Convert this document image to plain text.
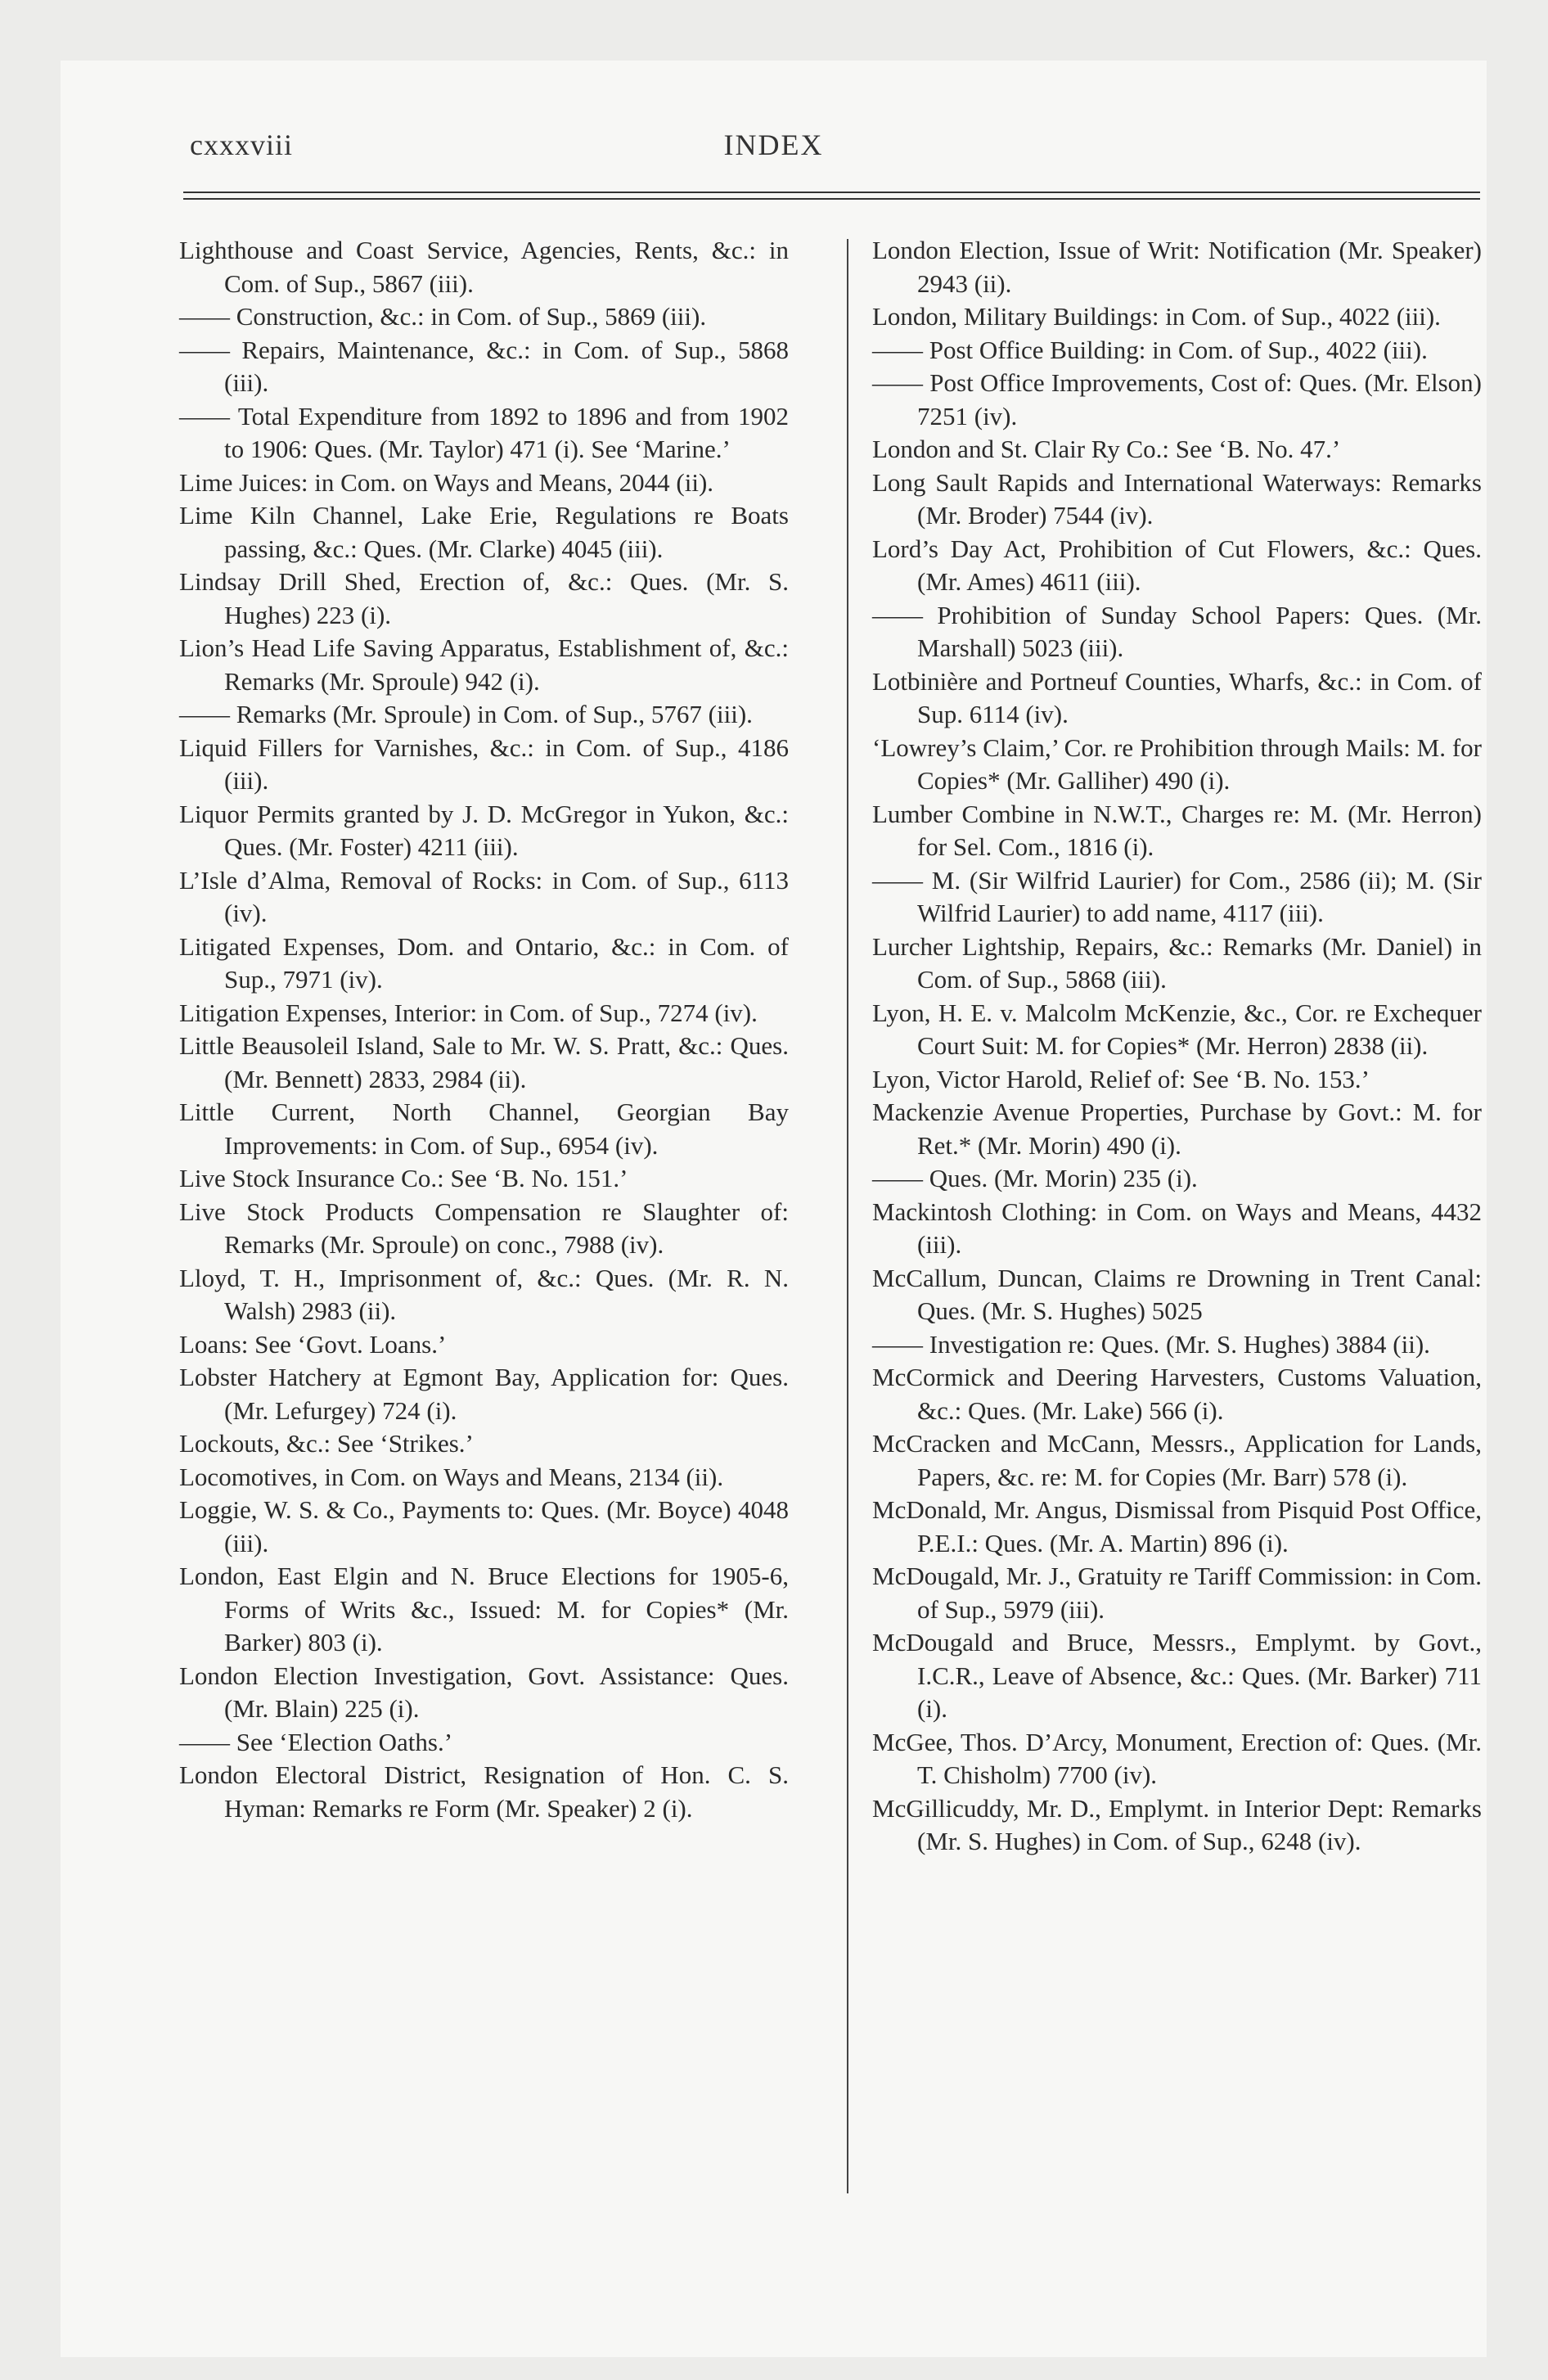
cxxxviii	INDEX

Lighthouse and Coast Service, Agencies, Rents, &c.: in Com. of Sup., 5867 (iii).

—— Construction, &c.: in Com. of Sup., 5869 (iii).

—— Repairs, Maintenance, &c.: in Com. of Sup., 5868 (iii).

—— Total Expenditure from 1892 to 1896 and from 1902 to 1906: Ques. (Mr. Taylor) 471 (i). See ‘Marine.’

Lime Juices: in Com. on Ways and Means, 2044 (ii).

Lime Kiln Channel, Lake Erie, Regulations re Boats passing, &c.: Ques. (Mr. Clarke) 4045 (iii).

Lindsay Drill Shed, Erection of, &c.: Ques. (Mr. S. Hughes) 223 (i).

Lion’s Head Life Saving Apparatus, Establishment of, &c.: Remarks (Mr. Sproule) 942 (i).

—— Remarks (Mr. Sproule) in Com. of Sup., 5767 (iii).

Liquid Fillers for Varnishes, &c.: in Com. of Sup., 4186 (iii).

Liquor Permits granted by J. D. McGregor in Yukon, &c.: Ques. (Mr. Foster) 4211 (iii).

L’Isle d’Alma, Removal of Rocks: in Com. of Sup., 6113 (iv).

Litigated Expenses, Dom. and Ontario, &c.: in Com. of Sup., 7971 (iv).

Litigation Expenses, Interior: in Com. of Sup., 7274 (iv).

Little Beausoleil Island, Sale to Mr. W. S. Pratt, &c.: Ques. (Mr. Bennett) 2833, 2984 (ii).

Little Current, North Channel, Georgian Bay Improvements: in Com. of Sup., 6954 (iv).

Live Stock Insurance Co.: See ‘B. No. 151.’

Live Stock Products Compensation re Slaughter of: Remarks (Mr. Sproule) on conc., 7988 (iv).

Lloyd, T. H., Imprisonment of, &c.: Ques. (Mr. R. N. Walsh) 2983 (ii).

Loans: See ‘Govt. Loans.’

Lobster Hatchery at Egmont Bay, Application for: Ques. (Mr. Lefurgey) 724 (i).

Lockouts, &c.: See ‘Strikes.’

Locomotives, in Com. on Ways and Means, 2134 (ii).

Loggie, W. S. & Co., Payments to: Ques. (Mr. Boyce) 4048 (iii).

London, East Elgin and N. Bruce Elections for 1905-6, Forms of Writs &c., Issued: M. for Copies* (Mr. Barker) 803 (i).

London Election Investigation, Govt. Assistance: Ques. (Mr. Blain) 225 (i).

—— See ‘Election Oaths.’

London Electoral District, Resignation of Hon. C. S. Hyman: Remarks re Form (Mr. Speaker) 2 (i).

London Election, Issue of Writ: Notification (Mr. Speaker) 2943 (ii).

London, Military Buildings: in Com. of Sup., 4022 (iii).

—— Post Office Building: in Com. of Sup., 4022 (iii).

—— Post Office Improvements, Cost of: Ques. (Mr. Elson) 7251 (iv).

London and St. Clair Ry Co.: See ‘B. No. 47.’

Long Sault Rapids and International Waterways: Remarks (Mr. Broder) 7544 (iv).

Lord’s Day Act, Prohibition of Cut Flowers, &c.: Ques. (Mr. Ames) 4611 (iii).

—— Prohibition of Sunday School Papers: Ques. (Mr. Marshall) 5023 (iii).

Lotbinière and Portneuf Counties, Wharfs, &c.: in Com. of Sup. 6114 (iv).

‘Lowrey’s Claim,’ Cor. re Prohibition through Mails: M. for Copies* (Mr. Galliher) 490 (i).

Lumber Combine in N.W.T., Charges re: M. (Mr. Herron) for Sel. Com., 1816 (i).

—— M. (Sir Wilfrid Laurier) for Com., 2586 (ii); M. (Sir Wilfrid Laurier) to add name, 4117 (iii).

Lurcher Lightship, Repairs, &c.: Remarks (Mr. Daniel) in Com. of Sup., 5868 (iii).

Lyon, H. E. v. Malcolm McKenzie, &c., Cor. re Exchequer Court Suit: M. for Copies* (Mr. Herron) 2838 (ii).

Lyon, Victor Harold, Relief of: See ‘B. No. 153.’

Mackenzie Avenue Properties, Purchase by Govt.: M. for Ret.* (Mr. Morin) 490 (i).

—— Ques. (Mr. Morin) 235 (i).

Mackintosh Clothing: in Com. on Ways and Means, 4432 (iii).

McCallum, Duncan, Claims re Drowning in Trent Canal: Ques. (Mr. S. Hughes) 5025

—— Investigation re: Ques. (Mr. S. Hughes) 3884 (ii).

McCormick and Deering Harvesters, Customs Valuation, &c.: Ques. (Mr. Lake) 566 (i).

McCracken and McCann, Messrs., Application for Lands, Papers, &c. re: M. for Copies (Mr. Barr) 578 (i).

McDonald, Mr. Angus, Dismissal from Pisquid Post Office, P.E.I.: Ques. (Mr. A. Martin) 896 (i).

McDougald, Mr. J., Gratuity re Tariff Commission: in Com. of Sup., 5979 (iii).

McDougald and Bruce, Messrs., Emplymt. by Govt., I.C.R., Leave of Absence, &c.: Ques. (Mr. Barker) 711 (i).

McGee, Thos. D’Arcy, Monument, Erection of: Ques. (Mr. T. Chisholm) 7700 (iv).

McGillicuddy, Mr. D., Emplymt. in Interior Dept: Remarks (Mr. S. Hughes) in Com. of Sup., 6248 (iv).
